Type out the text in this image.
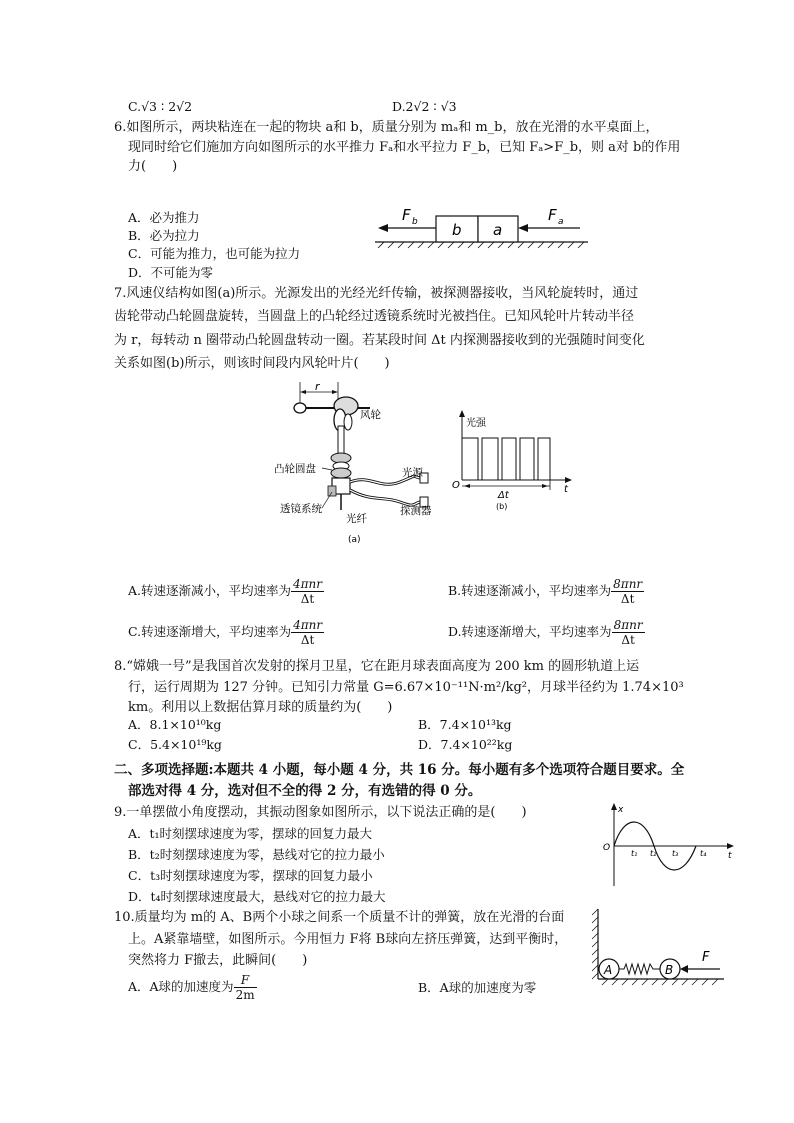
C.√3 ∶ 2√2	D.2√2 ∶ √3
6.如图所示，两块粘连在一起的物块 a和 b，质量分别为 mₐ和 m_b，放在光滑的水平桌面上，
现同时给它们施加方向如图所示的水平推力 Fₐ和水平拉力 F_b，已知 Fₐ>F_b，则 a对 b的作用
力(　　)
A．必为推力
B．必为拉力
C．可能为推力，也可能为拉力
D．不可能为零
b a
F b	F a
7.风速仪结构如图(a)所示。光源发出的光经光纤传输，被探测器接收，当风轮旋转时，通过
齿轮带动凸轮圆盘旋转，当圆盘上的凸轮经过透镜系统时光被挡住。已知风轮叶片转动半径
为 r，每转动 n 圈带动凸轮圆盘转动一圈。若某段时间 Δt 内探测器接收到的光强随时间变化
关系如图(b)所示，则该时间段内风轮叶片(　　)
r
风轮
凸轮圆盘
透镜系统
光源
探测器
光纤
(a)
光强
O	t
Δt
(b)
A.转速逐渐减小，平均速率为 $\frac{\text{4πnr}}{\Delta t}$	B.转速逐渐减小，平均速率为 $\frac{\text{8πnr}}{\Delta t}$
C.转速逐渐增大，平均速率为 $\frac{\text{4πnr}}{\Delta t}$	D.转速逐渐增大，平均速率为 $\frac{\text{8πnr}}{\Delta t}$
8.“嫦娥一号”是我国首次发射的探月卫星，它在距月球表面高度为 200 km 的圆形轨道上运
行，运行周期为 127 分钟。已知引力常量 G=6.67×10⁻¹¹N·m²/kg²，月球半径约为 1.74×10³
km。利用以上数据估算月球的质量约为(　　)
A．8.1×10¹⁰kg	B．7.4×10¹³kg
C．5.4×10¹⁹kg	D．7.4×10²²kg
二、多项选择题:本题共 4 小题，每小题 4 分，共 16 分。每小题有多个选项符合题目要求。全
部选对得 4 分，选对但不全的得 2 分，有选错的得 0 分。
9.一单摆做小角度摆动，其振动图象如图所示，以下说法正确的是(　　)
A．t₁时刻摆球速度为零，摆球的回复力最大
B．t₂时刻摆球速度为零，悬线对它的拉力最小
C．t₃时刻摆球速度为零，摆球的回复力最小
D．t₄时刻摆球速度最大，悬线对它的拉力最大
x
O
t
t₁ t₂ t₃	t₄
10.质量均为 m的 A、B两个小球之间系一个质量不计的弹簧，放在光滑的台面
上。A紧靠墙壁，如图所示。今用恒力 F将 B球向左挤压弹簧，达到平衡时，
突然将力 F撤去，此瞬间(　　)
A．A球的加速度为 $\frac{F}{2m}$	B．A球的加速度为零
A	B
F
